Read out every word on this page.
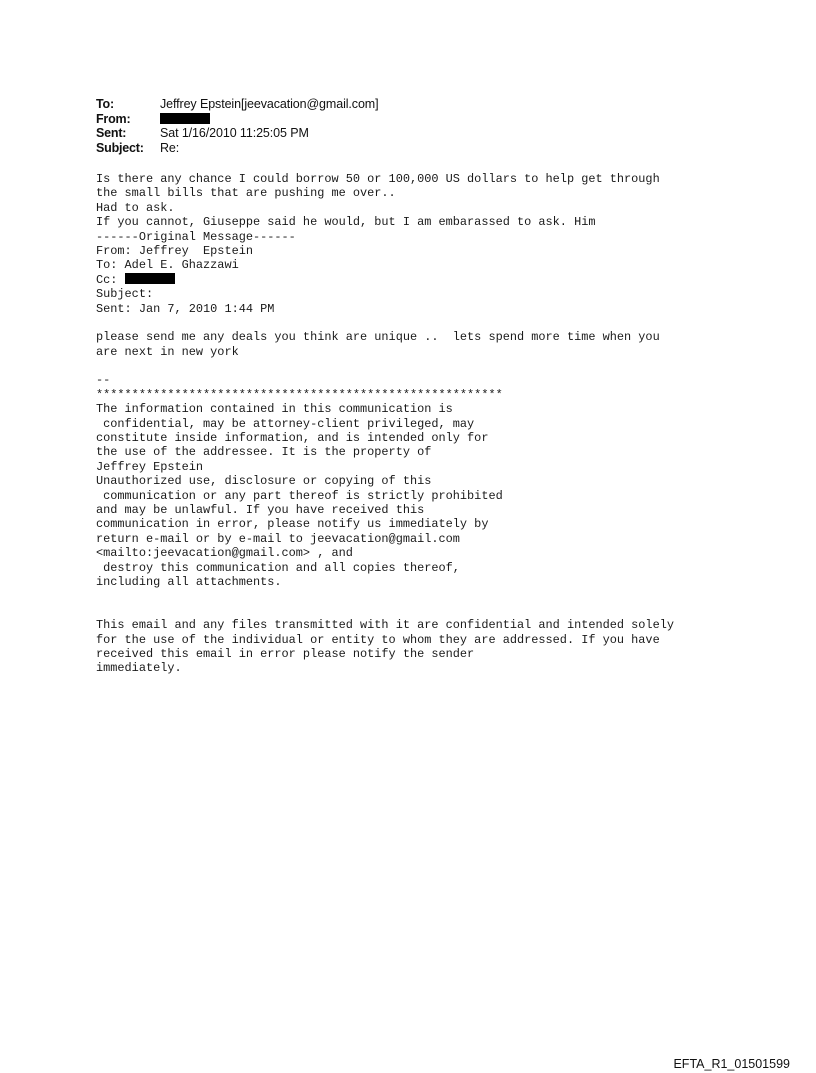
To:	Jeffrey Epstein[jeevacation@gmail.com]
From:
Sent:	Sat 1/16/2010 11:25:05 PM
Subject:	Re:
Is there any chance I could borrow 50 or 100,000 US dollars to help get through
the small bills that are pushing me over..
Had to ask.
If you cannot, Giuseppe said he would, but I am embarassed to ask. Him
------Original Message------
From: Jeffrey  Epstein
To: Adel E. Ghazzawi
Cc:
Subject:
Sent: Jan 7, 2010 1:44 PM
please send me any deals you think are unique ..  lets spend more time when you
are next in new york
--
*********************************************************
The information contained in this communication is
confidential, may be attorney-client privileged, may
constitute inside information, and is intended only for
the use of the addressee. It is the property of
Jeffrey Epstein
Unauthorized use, disclosure or copying of this
communication or any part thereof is strictly prohibited
and may be unlawful. If you have received this
communication in error, please notify us immediately by
return e-mail or by e-mail to jeevacation@gmail.com
<mailto:jeevacation@gmail.com> , and
destroy this communication and all copies thereof,
including all attachments.
This email and any files transmitted with it are confidential and intended solely
for the use of the individual or entity to whom they are addressed. If you have
received this email in error please notify the sender
immediately.
EFTA_R1_01501599
